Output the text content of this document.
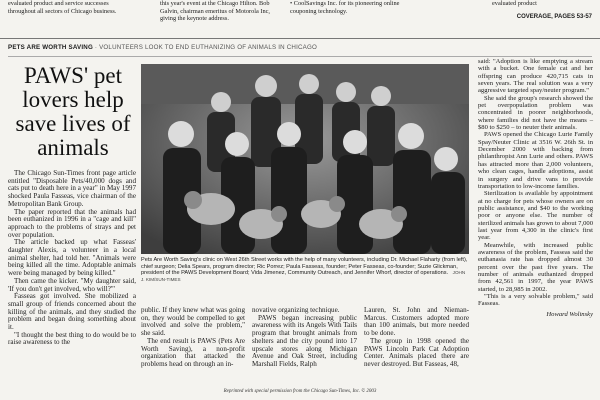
evaluated product and service successes throughout all sectors of Chicago business.
this year's event at the Chicago Hilton. Bob Galvin, chairman emeritus of Motorola Inc, giving the keynote address.
• CoolSavings Inc. for its pioneering online couponing technology.
evaluated product
COVERAGE, PAGES 53-57
PETS ARE WORTH SAVING · VOLUNTEERS LOOK TO END EUTHANIZING OF ANIMALS IN CHICAGO
PAWS' pet lovers help save lives of animals

The Chicago Sun-Times front page article entitled "Disposable Pets/40,000 dogs and cats put to death here in a year" in May 1997 shocked Paula Fasseas, vice chairman of the Metropolitan Bank Group.

The paper reported that the animals had been euthanized in 1996 in a "cage and kill" approach to the problems of strays and pet over population.

The article backed up what Fasseas' daughter Alexis, a volunteer in a local animal shelter, had told her. "Animals were being killed all the time. Adoptable animals were being managed by being killed."

Then came the kicker. "My daughter said, 'If you don't get involved, who will?'"

Fasseas got involved. She mobilized a small group of friends concerned about the killing of the animals, and they studied the problem and began doing something about it.

"I thought the best thing to do would be to raise awareness to the

Pets Are Worth Saving's clinic on West 26th Street works with the help of many volunteers, including Dr. Michael Flaharty (from left), chief surgeon; Delia Spears, program director; Ric Porrez; Paula Fasseas, founder; Peter Fasseas, co-founder; Suzie Glickman, president of the PAWS Development Board; Vida Jimenez, Community Outreach, and Jennifer Whorf, director of operations. JOHN J. KIM/SUN-TIMES

public. If they knew what was going on, they would be compelled to get involved and solve the problem," she said.

The end result is PAWS (Pets Are Worth Saving), a non-profit organization that attacked the problems head on through an in-

novative organizing technique.

PAWS began increasing public awareness with its Angels With Tails program that brought animals from shelters and the city pound into 17 upscale stores along Michigan Avenue and Oak Street, including Marshall Fields, Ralph

Lauren, St. John and Nieman-Marcus. Customers adopted more than 100 animals, but more needed to be done.

The group in 1998 opened the PAWS Lincoln Park Cat Adoption Center. Animals placed there are never destroyed. But Fasseas, 48,

said: "Adoption is like emptying a stream with a bucket. One female cat and her offspring can produce 420,715 cats in seven years. The real solution was a very aggressive targeted spay/neuter program."

She said the group's research showed the pet overpopulation problem was concentrated in poorer neighborhoods, where families did not have the means – $80 to $250 – to neuter their animals.

PAWS opened the Chicago Lurie Family Spay/Neuter Clinic at 3516 W. 26th St. in December 2000 with backing from philanthropist Ann Lurie and others. PAWS has attracted more than 2,000 volunteers, who clean cages, handle adoptions, assist in surgery and drive vans to provide transportation to low-income families.

Sterilization is available by appointment at no charge for pets whose owners are on public assistance, and $40 to the working poor or anyone else. The number of sterilized animals has grown to about 7,000 last year from 4,300 in the clinic's first year.

Meanwhile, with increased public awareness of the problem, Fasseas said the euthanasia rate has dropped almost 30 percent over the past five years. The number of animals euthanized dropped from 42,561 in 1997, the year PAWS started, to 28,985 in 2002.

"This is a very solvable problem," said Fasseas.

Howard Wolinsky
Reprinted with special permission from the Chicago Sun-Times, Inc. © 2003
